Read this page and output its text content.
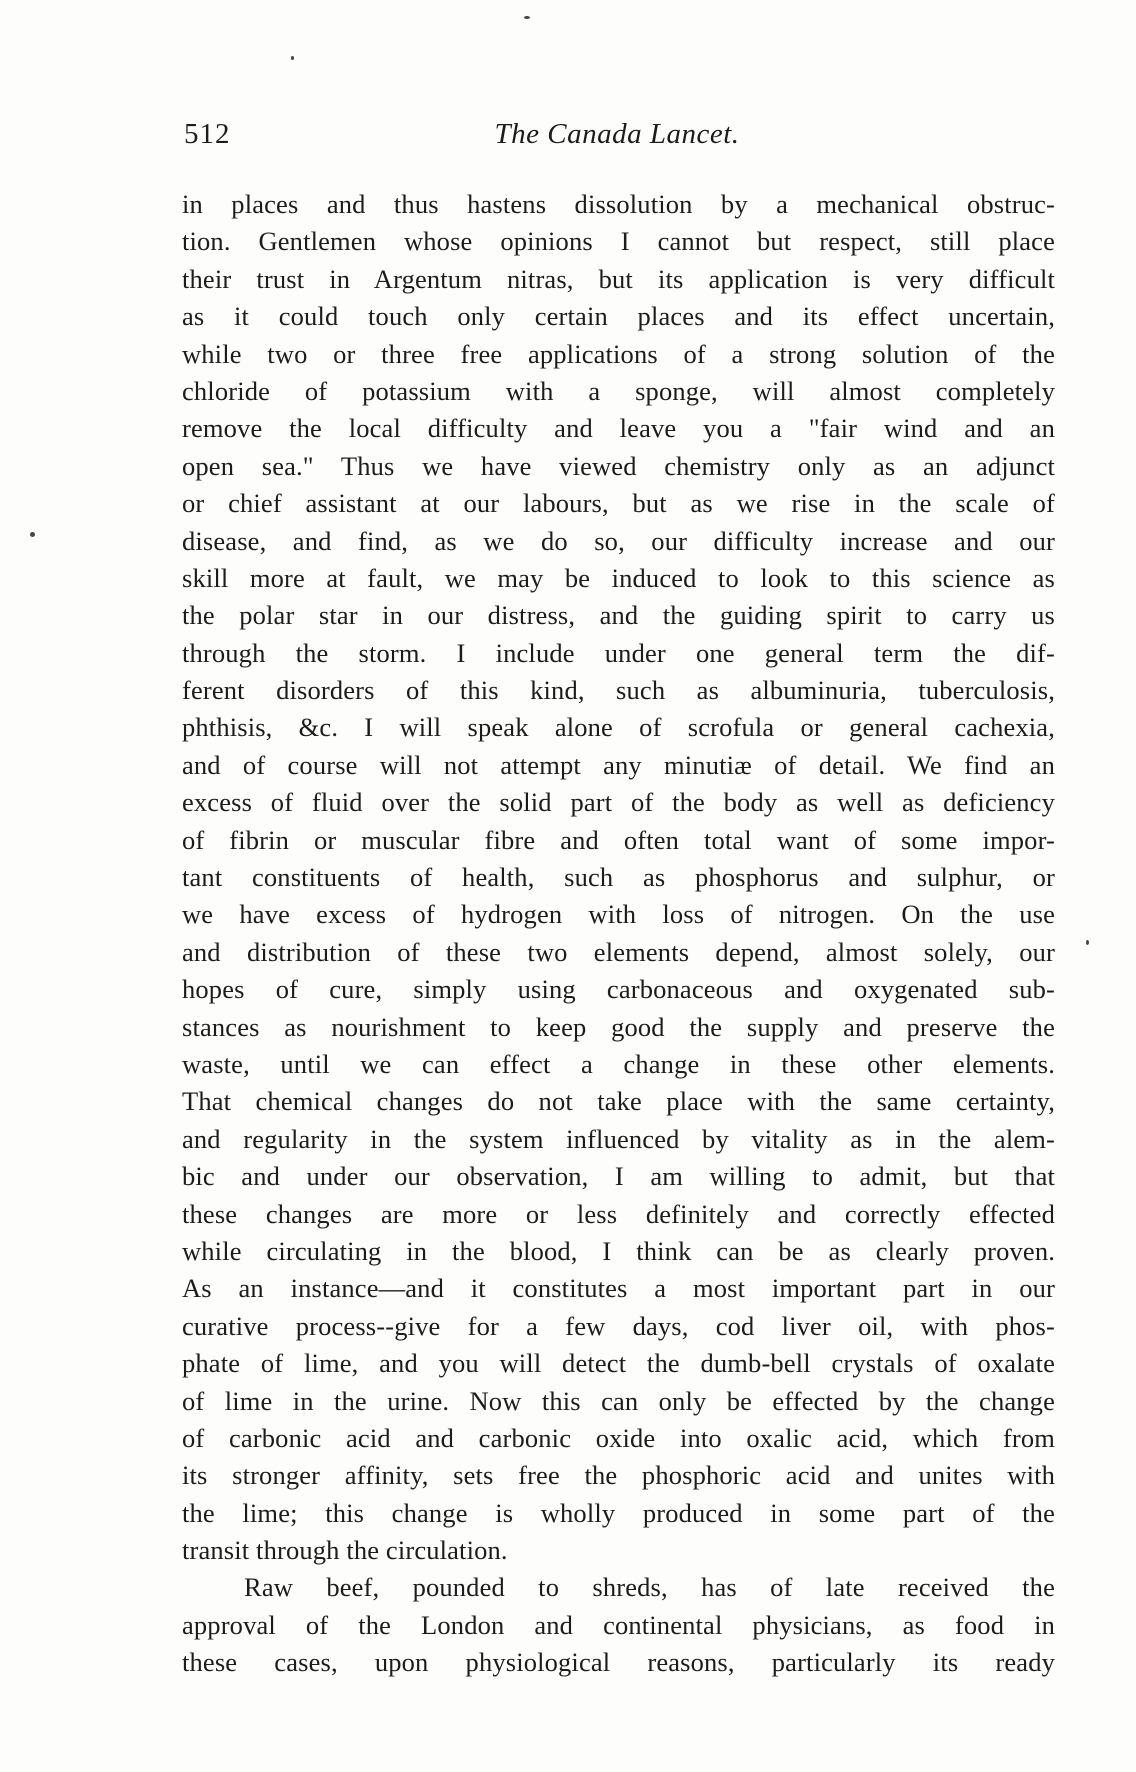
512	The Canada Lancet.
in places and thus hastens dissolution by a mechanical obstruc-
tion. Gentlemen whose opinions I cannot but respect, still place
their trust in Argentum nitras, but its application is very difficult
as it could touch only certain places and its effect uncertain,
while two or three free applications of a strong solution of the
chloride of potassium with a sponge, will almost completely
remove the local difficulty and leave you a "fair wind and an
open sea." Thus we have viewed chemistry only as an adjunct
or chief assistant at our labours, but as we rise in the scale of
disease, and find, as we do so, our difficulty increase and our
skill more at fault, we may be induced to look to this science as
the polar star in our distress, and the guiding spirit to carry us
through the storm. I include under one general term the dif-
ferent disorders of this kind, such as albuminuria, tuberculosis,
phthisis, &c. I will speak alone of scrofula or general cachexia,
and of course will not attempt any minutiæ of detail. We find an
excess of fluid over the solid part of the body as well as deficiency
of fibrin or muscular fibre and often total want of some impor-
tant constituents of health, such as phosphorus and sulphur, or
we have excess of hydrogen with loss of nitrogen. On the use
and distribution of these two elements depend, almost solely, our
hopes of cure, simply using carbonaceous and oxygenated sub-
stances as nourishment to keep good the supply and preserve the
waste, until we can effect a change in these other elements.
That chemical changes do not take place with the same certainty,
and regularity in the system influenced by vitality as in the alem-
bic and under our observation, I am willing to admit, but that
these changes are more or less definitely and correctly effected
while circulating in the blood, I think can be as clearly proven.
As an instance—and it constitutes a most important part in our
curative process--give for a few days, cod liver oil, with phos-
phate of lime, and you will detect the dumb-bell crystals of oxalate
of lime in the urine. Now this can only be effected by the change
of carbonic acid and carbonic oxide into oxalic acid, which from
its stronger affinity, sets free the phosphoric acid and unites with
the lime; this change is wholly produced in some part of the
transit through the circulation.
Raw beef, pounded to shreds, has of late received the
approval of the London and continental physicians, as food in
these cases, upon physiological reasons, particularly its ready
